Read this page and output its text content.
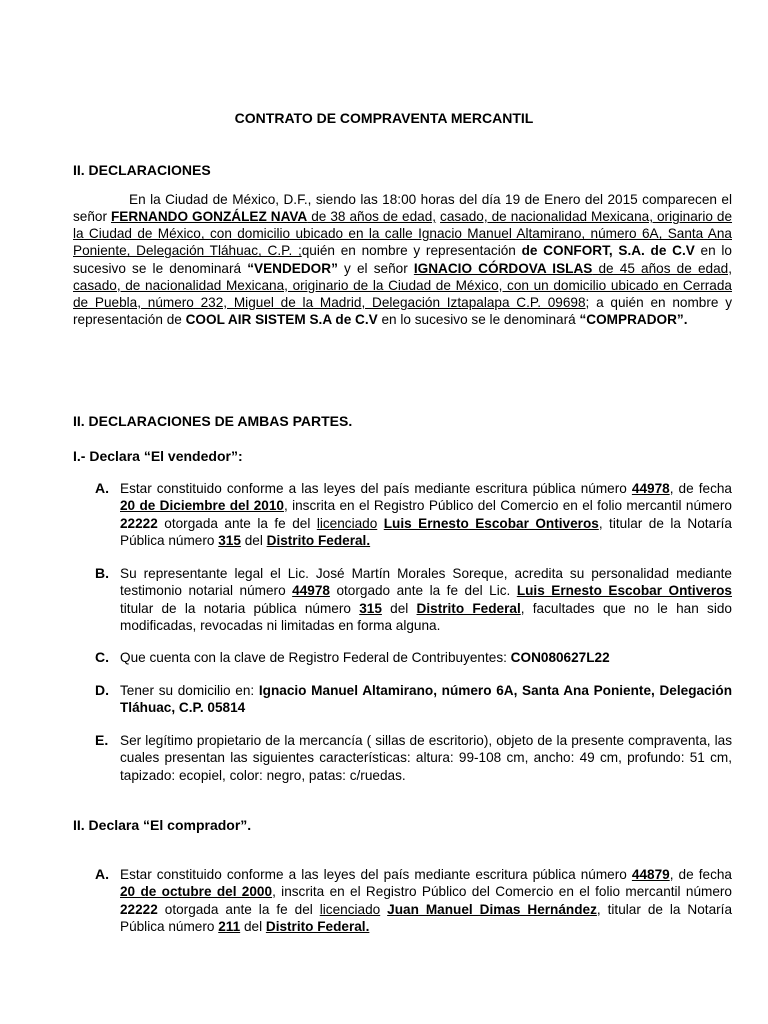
CONTRATO DE COMPRAVENTA MERCANTIL
II. DECLARACIONES

En la Ciudad de México, D.F., siendo las 18:00 horas del día 19 de Enero del 2015 comparecen el señor FERNANDO GONZÁLEZ NAVA de 38 años de edad, casado, de nacionalidad Mexicana, originario de la Ciudad de México, con domicilio ubicado en la calle Ignacio Manuel Altamirano, número 6A, Santa Ana Poniente, Delegación Tláhuac, C.P. ;quién en nombre y representación de CONFORT, S.A. de C.V en lo sucesivo se le denominará “VENDEDOR” y el señor IGNACIO CÓRDOVA ISLAS de 45 años de edad, casado, de nacionalidad Mexicana, originario de la Ciudad de México, con un domicilio ubicado en Cerrada de Puebla, número 232, Miguel de la Madrid, Delegación Iztapalapa C.P. 09698; a quién en nombre y representación de COOL AIR SISTEM S.A de C.V en lo sucesivo se le denominará “COMPRADOR”.

II. DECLARACIONES DE AMBAS PARTES.
I.- Declara “El vendedor”:
A. Estar constituido conforme a las leyes del país mediante escritura pública número 44978, de fecha 20 de Diciembre del 2010, inscrita en el Registro Público del Comercio en el folio mercantil número 22222 otorgada ante la fe del licenciado Luis Ernesto Escobar Ontiveros, titular de la Notaría Pública número 315 del Distrito Federal.
B. Su representante legal el Lic. José Martín Morales Soreque, acredita su personalidad mediante testimonio notarial número 44978 otorgado ante la fe del Lic. Luis Ernesto Escobar Ontiveros titular de la notaria pública número 315 del Distrito Federal, facultades que no le han sido modificadas, revocadas ni limitadas en forma alguna.
C. Que cuenta con la clave de Registro Federal de Contribuyentes: CON080627L22
D. Tener su domicilio en: Ignacio Manuel Altamirano, número 6A, Santa Ana Poniente, Delegación Tláhuac, C.P. 05814
E. Ser legítimo propietario de la mercancía ( sillas de escritorio), objeto de la presente compraventa, las cuales presentan las siguientes características: altura: 99-108 cm, ancho: 49 cm, profundo: 51 cm, tapizado: ecopiel, color: negro, patas: c/ruedas.
II. Declara “El comprador”.
A. Estar constituido conforme a las leyes del país mediante escritura pública número 44879, de fecha 20 de octubre del 2000, inscrita en el Registro Público del Comercio en el folio mercantil número 22222 otorgada ante la fe del licenciado Juan Manuel Dimas Hernández, titular de la Notaría Pública número 211 del Distrito Federal.
